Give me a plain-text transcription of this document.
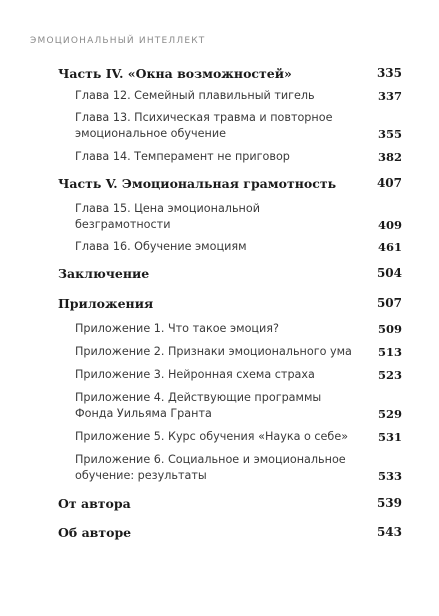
ЭМОЦИОНАЛЬНЫЙ ИНТЕЛЛЕКТ
Часть IV. «Окна возможностей»	335
Глава 12. Семейный плавильный тигель	337
Глава 13. Психическая травма и повторное
эмоциональное обучение	355
Глава 14. Темперамент не приговор	382
Часть V. Эмоциональная грамотность	407
Глава 15. Цена эмоциональной
безграмотности	409
Глава 16. Обучение эмоциям	461
Заключение	504
Приложения	507
Приложение 1. Что такое эмоция?	509
Приложение 2. Признаки эмоционального ума 513
Приложение 3. Нейронная схема страха	523
Приложение 4. Действующие программы
Фонда Уильяма Гранта	529
Приложение 5. Курс обучения «Наука о себе»	531
Приложение 6. Социальное и эмоциональное
обучение: результаты	533
От автора	539
Об авторе	543
